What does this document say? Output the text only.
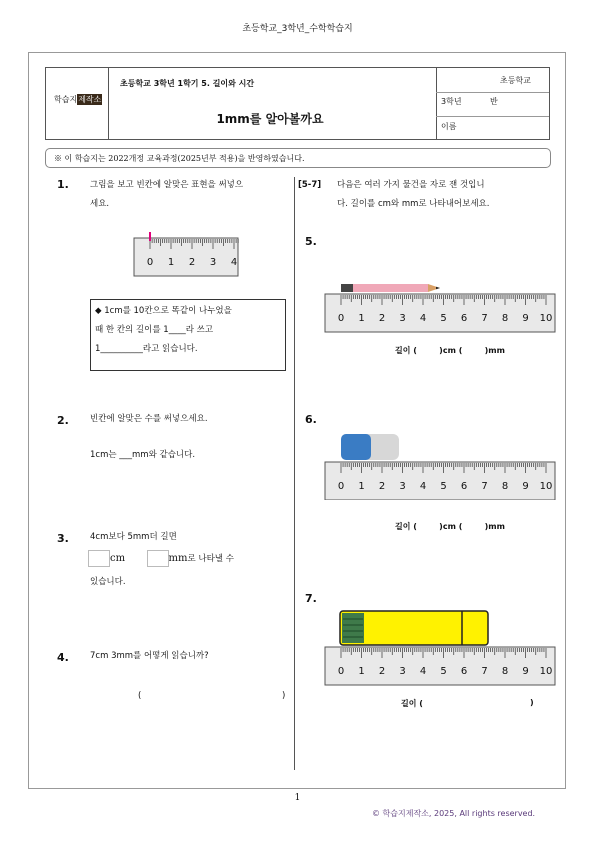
초등학교_3학년_수학학습지
학습지제작소
초등학교 3학년 1학기 5. 길이와 시간
1mm를 알아볼까요
초등학교
3학년	반
이름
※ 이 학습지는 2022개정 교육과정(2025년부 적용)을 반영하였습니다.
1. 그림을 보고 빈칸에 알맞은 표현을 써넣으
세요.
0 1 2 3 4
◆ 1cm를 10칸으로 똑같이 나누었을
때 한 칸의 길이를 1____라 쓰고
1__________라고 읽습니다.
2. 빈칸에 알맞은 수를 써넣으세요.
1cm는 ___mm와 같습니다.
3. 4cm보다 5mm더 길면
cm	mm로 나타낼 수
있습니다.
4. 7cm 3mm를 어떻게 읽습니까?
(	)
[5-7] 다음은 여러 가지 물건을 자로 잰 것입니
다. 길이를 cm와 mm로 나타내어보세요.
5.
0 1 2 3 4 5 6 7 8 9 10
길이 (        )cm (        )mm
6.
0 1 2 3 4 5 6 7 8 9 10
길이 (        )cm (        )mm
7.
0 1 2 3 4 5 6 7 8 9 10
길이 (	)
1
© 학습지제작소, 2025, All rights reserved.
